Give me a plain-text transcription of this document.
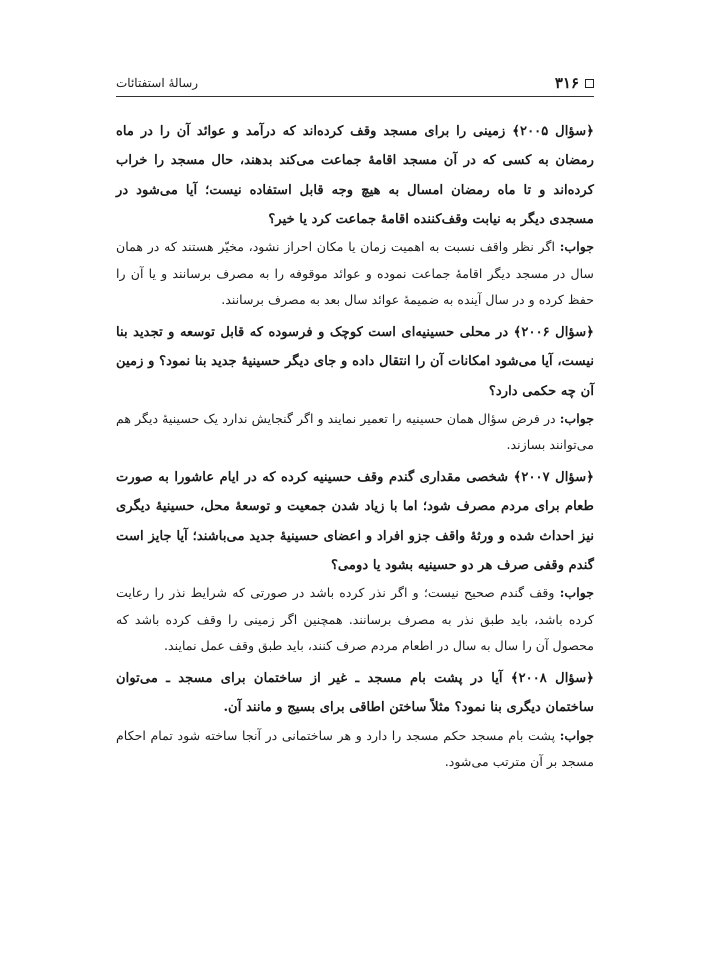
۳۱۶
رسالۀ استفتائات

﴿سؤال ۲۰۰۵﴾ زمینی را برای مسجد وقف کرده‌اند که درآمد و عوائد آن را در ماه رمضان به کسی که در آن مسجد اقامۀ جماعت می‌کند بدهند، حال مسجد را خراب کرده‌اند و تا ماه رمضان امسال به هیچ وجه قابل استفاده نیست؛ آیا می‌شود در مسجدی دیگر به نیابت وقف‌کننده اقامۀ جماعت کرد یا خیر؟

جواب: اگر نظر واقف نسبت به اهمیت زمان یا مکان احراز نشود، مخیّر هستند که در همان سال در مسجد دیگر اقامۀ جماعت نموده و عوائد موقوفه را به مصرف برسانند و یا آن را حفظ کرده و در سال آینده به ضمیمۀ عوائد سال بعد به مصرف برسانند.

﴿سؤال ۲۰۰۶﴾ در محلی حسینیه‌ای است کوچک و فرسوده که قابل توسعه و تجدید بنا نیست، آیا می‌شود امکانات آن را انتقال داده و جای دیگر حسینیۀ جدید بنا نمود؟ و زمین آن چه حکمی دارد؟

جواب: در فرض سؤال همان حسینیه را تعمیر نمایند و اگر گنجایش ندارد یک حسینیۀ دیگر هم می‌توانند بسازند.

﴿سؤال ۲۰۰۷﴾ شخصی مقداری گندم وقف حسینیه کرده که در ایام عاشورا به صورت طعام برای مردم مصرف شود؛ اما با زیاد شدن جمعیت و توسعۀ محل، حسینیۀ دیگری نیز احداث شده و ورثۀ واقف جزو افراد و اعضای حسینیۀ جدید می‌باشند؛ آیا جایز است گندم وقفی صرف هر دو حسینیه بشود یا دومی؟

جواب: وقف گندم صحیح نیست؛ و اگر نذر کرده باشد در صورتی که شرایط نذر را رعایت کرده باشد، باید طبق نذر به مصرف برسانند. همچنین اگر زمینی را وقف کرده باشد که محصول آن را سال به سال در اطعام مردم صرف کنند، باید طبق وقف عمل نمایند.

﴿سؤال ۲۰۰۸﴾ آیا در پشت بام مسجد ـ غیر از ساختمان برای مسجد ـ می‌توان ساختمان دیگری بنا نمود؟ مثلاً ساختن اطاقی برای بسیج و مانند آن.

جواب: پشت بام مسجد حکم مسجد را دارد و هر ساختمانی در آنجا ساخته شود تمام احکام مسجد بر آن مترتب می‌شود.
